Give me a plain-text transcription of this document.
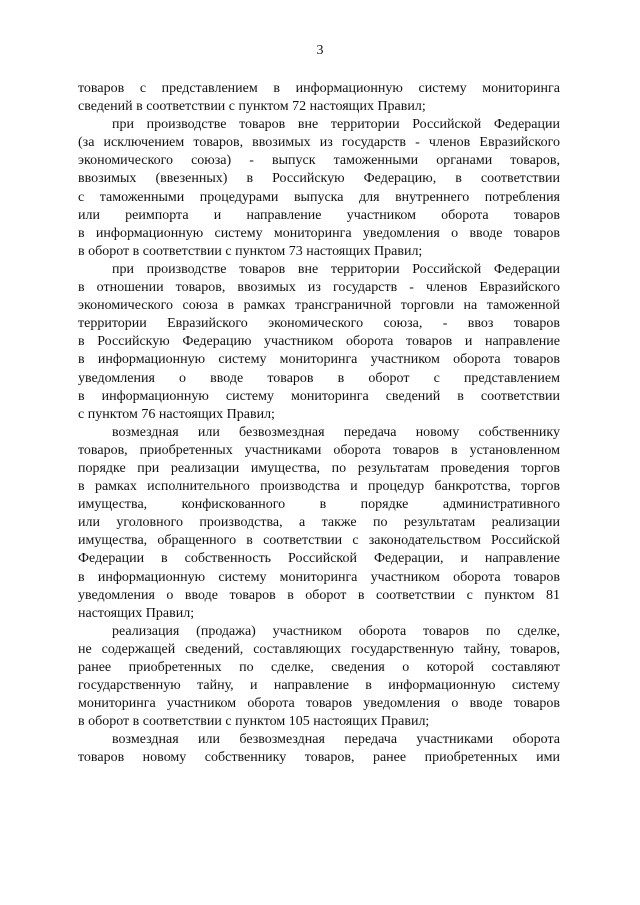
3
товаров с представлением в информационную систему мониторинга
сведений в соответствии с пунктом 72 настоящих Правил;
при производстве товаров вне территории Российской Федерации
(за исключением товаров, ввозимых из государств - членов Евразийского
экономического союза) - выпуск таможенными органами товаров,
ввозимых (ввезенных) в Российскую Федерацию, в соответствии
с таможенными процедурами выпуска для внутреннего потребления
или реимпорта и направление участником оборота товаров
в информационную систему мониторинга уведомления о вводе товаров
в оборот в соответствии с пунктом 73 настоящих Правил;
при производстве товаров вне территории Российской Федерации
в отношении товаров, ввозимых из государств - членов Евразийского
экономического союза в рамках трансграничной торговли на таможенной
территории Евразийского экономического союза, - ввоз товаров
в Российскую Федерацию участником оборота товаров и направление
в информационную систему мониторинга участником оборота товаров
уведомления о вводе товаров в оборот с представлением
в информационную систему мониторинга сведений в соответствии
с пунктом 76 настоящих Правил;
возмездная или безвозмездная передача новому собственнику
товаров, приобретенных участниками оборота товаров в установленном
порядке при реализации имущества, по результатам проведения торгов
в рамках исполнительного производства и процедур банкротства, торгов
имущества, конфискованного в порядке административного
или уголовного производства, а также по результатам реализации
имущества, обращенного в соответствии с законодательством Российской
Федерации в собственность Российской Федерации, и направление
в информационную систему мониторинга участником оборота товаров
уведомления о вводе товаров в оборот в соответствии с пунктом 81
настоящих Правил;
реализация (продажа) участником оборота товаров по сделке,
не содержащей сведений, составляющих государственную тайну, товаров,
ранее приобретенных по сделке, сведения о которой составляют
государственную тайну, и направление в информационную систему
мониторинга участником оборота товаров уведомления о вводе товаров
в оборот в соответствии с пунктом 105 настоящих Правил;
возмездная или безвозмездная передача участниками оборота
товаров новому собственнику товаров, ранее приобретенных ими
